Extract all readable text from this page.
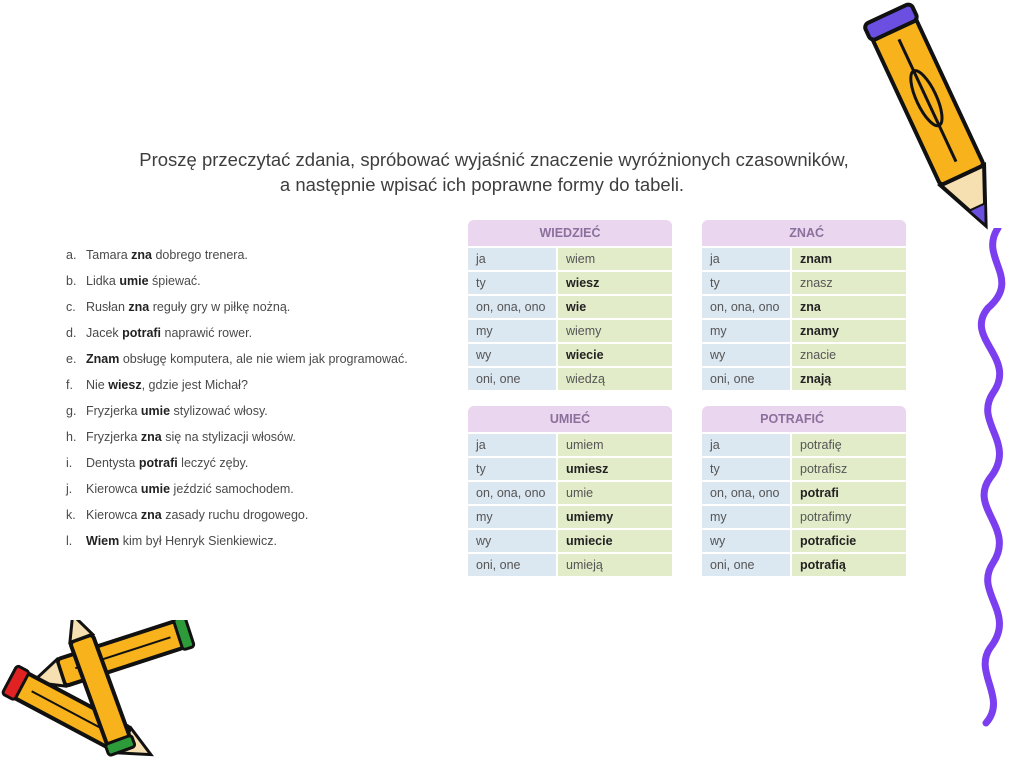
Proszę przeczytać zdania, spróbować wyjaśnić znaczenie wyróżnionych czasowników,
a następnie wpisać ich poprawne formy do tabeli.
a. Tamara zna dobrego trenera.
b. Lidka umie śpiewać.
c. Rusłan zna reguły gry w piłkę nożną.
d. Jacek potrafi naprawić rower.
e. Znam obsługę komputera, ale nie wiem jak programować.
f. Nie wiesz, gdzie jest Michał?
g. Fryzjerka umie stylizować włosy.
h. Fryzjerka zna się na stylizacji włosów.
i. Dentysta potrafi leczyć zęby.
j. Kierowca umie jeździć samochodem.
k. Kierowca zna zasady ruchu drogowego.
l. Wiem kim był Henryk Sienkiewicz.
WIEDZIEĆ	
ja	wiem
ty	wiesz
on, ona, ono	wie
my	wiemy
wy	wiecie
oni, one	wiedzą
ZNAĆ	
ja	znam
ty	znasz
on, ona, ono	zna
my	znamy
wy	znacie
oni, one	znają
UMIEĆ	
ja	umiem
ty	umiesz
on, ona, ono	umie
my	umiemy
wy	umiecie
oni, one	umieją
POTRAFIĆ	
ja	potrafię
ty	potrafisz
on, ona, ono	potrafi
my	potrafimy
wy	potraficie
oni, one	potrafią
